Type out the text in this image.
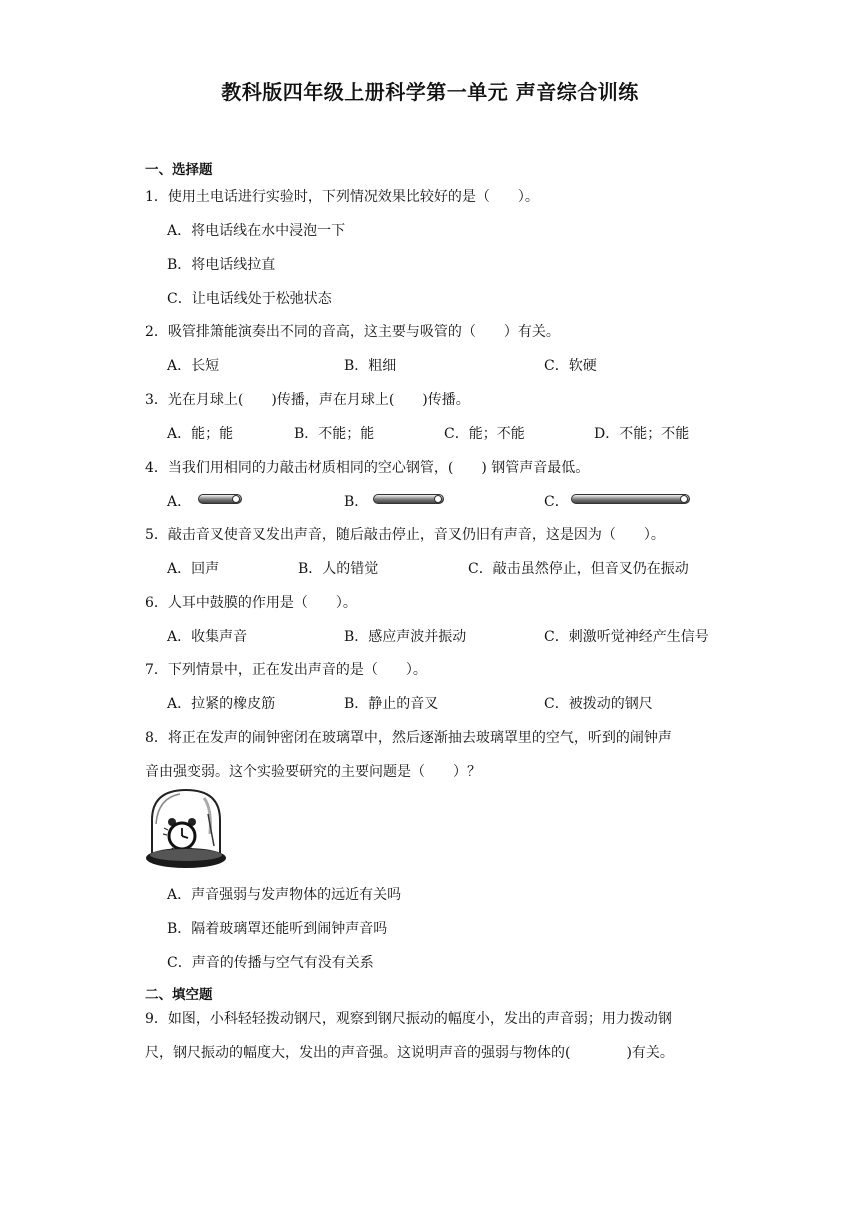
教科版四年级上册科学第一单元 声音综合训练
一、选择题
1．使用土电话进行实验时，下列情况效果比较好的是（　　）。
A．将电话线在水中浸泡一下
B．将电话线拉直
C．让电话线处于松弛状态
2．吸管排箫能演奏出不同的音高，这主要与吸管的（　　）有关。
A．长短	B．粗细	C．软硬
3．光在月球上(　　)传播，声在月球上(　　)传播。
A．能；能	B．不能；能	C．能；不能	D．不能；不能
4．当我们用相同的力敲击材质相同的空心钢管，(　　) 钢管声音最低。
A．	B．	C．
5．敲击音叉使音叉发出声音，随后敲击停止，音叉仍旧有声音，这是因为（　　）。
A．回声	B．人的错觉	C．敲击虽然停止，但音叉仍在振动
6．人耳中鼓膜的作用是（　　）。
A．收集声音	B．感应声波并振动	C．刺激听觉神经产生信号
7．下列情景中，正在发出声音的是（　　）。
A．拉紧的橡皮筋	B．静止的音叉	C．被拨动的钢尺
8．将正在发声的闹钟密闭在玻璃罩中，然后逐渐抽去玻璃罩里的空气，听到的闹钟声
音由强变弱。这个实验要研究的主要问题是（　　）？
A．声音强弱与发声物体的远近有关吗
B．隔着玻璃罩还能听到闹钟声音吗
C．声音的传播与空气有没有关系
二、填空题
9．如图，小科轻轻拨动钢尺，观察到钢尺振动的幅度小，发出的声音弱；用力拨动钢
尺，钢尺振动的幅度大，发出的声音强。这说明声音的强弱与物体的(　　　　)有关。
